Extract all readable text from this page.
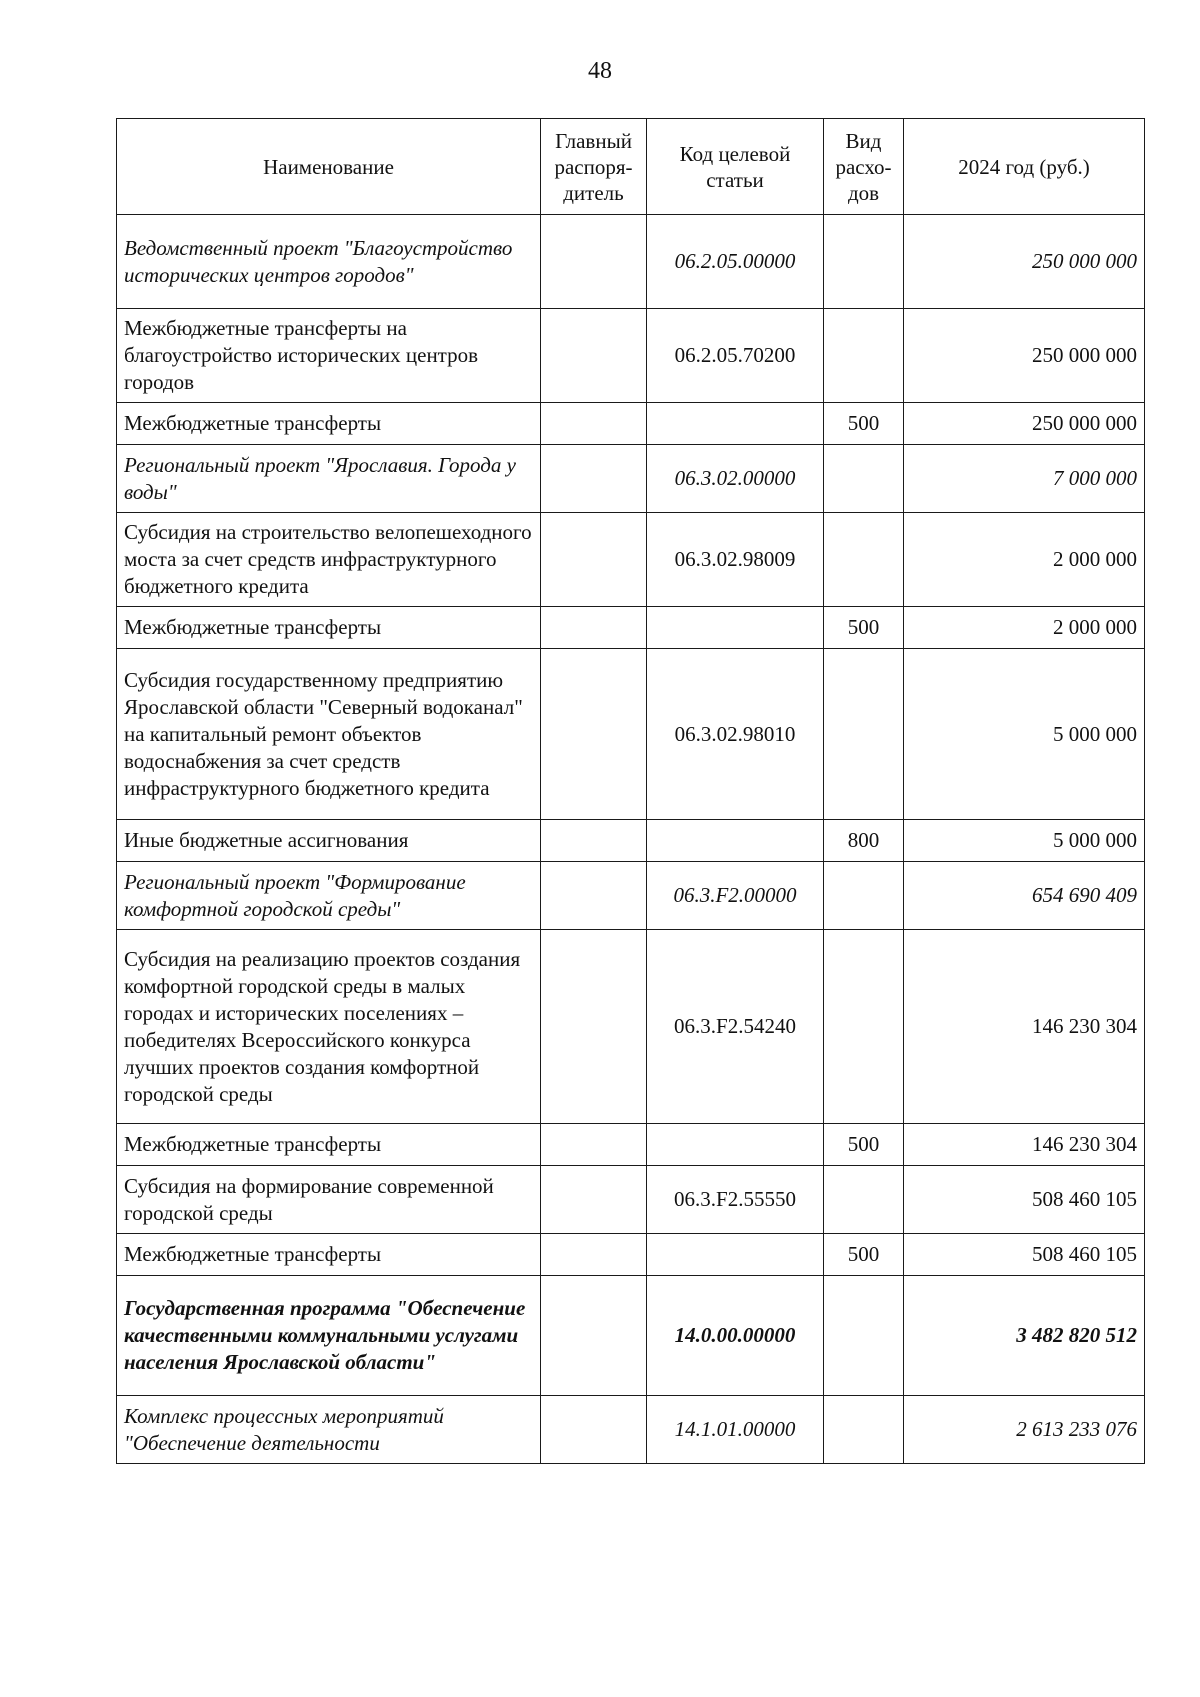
48
Наименование	Главный распоря-дитель	Код целевой статьи	Вид расхо-дов	2024 год (руб.)
Ведомственный проект "Благоустройство исторических центров городов"		06.2.05.00000		250 000 000
Межбюджетные трансферты на благоустройство исторических центров городов		06.2.05.70200		250 000 000
Межбюджетные трансферты			500	250 000 000
Региональный проект "Ярославия. Города у воды"		06.3.02.00000		7 000 000
Субсидия на строительство велопешеходного моста за счет средств инфраструктурного бюджетного кредита		06.3.02.98009		2 000 000
Межбюджетные трансферты			500	2 000 000
Субсидия государственному предприятию Ярославской области "Северный водоканал" на капитальный ремонт объектов водоснабжения за счет средств инфраструктурного бюджетного кредита		06.3.02.98010		5 000 000
Иные бюджетные ассигнования			800	5 000 000
Региональный проект "Формирование комфортной городской среды"		06.3.F2.00000		654 690 409
Субсидия на реализацию проектов создания комфортной городской среды в малых городах и исторических поселениях – победителях Всероссийского конкурса лучших проектов создания комфортной городской среды		06.3.F2.54240		146 230 304
Межбюджетные трансферты			500	146 230 304
Субсидия на формирование современной городской среды		06.3.F2.55550		508 460 105
Межбюджетные трансферты			500	508 460 105
Государственная программа "Обеспечение качественными коммунальными услугами населения Ярославской области"		14.0.00.00000		3 482 820 512
Комплекс процессных мероприятий "Обеспечение деятельности		14.1.01.00000		2 613 233 076
